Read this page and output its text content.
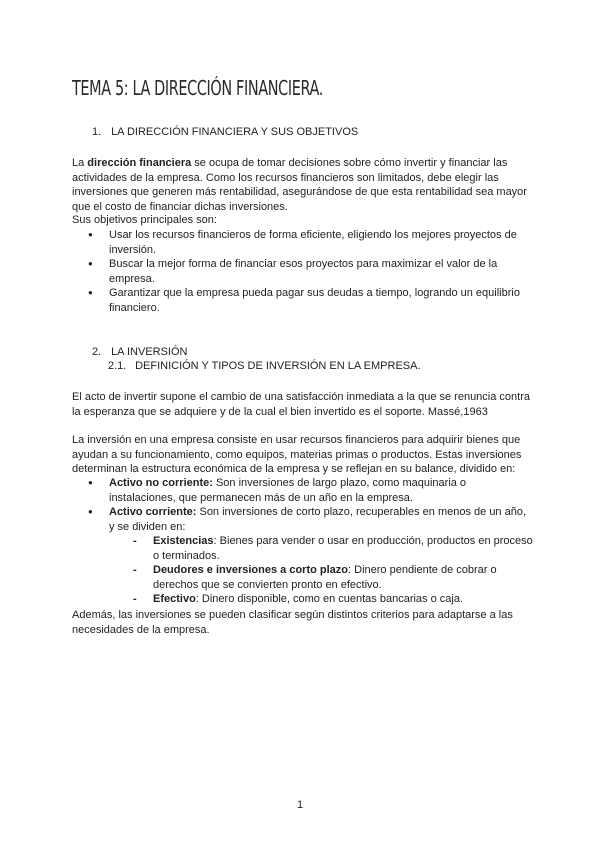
TEMA 5: LA DIRECCIÓN FINANCIERA.
1. LA DIRECCIÓN FINANCIERA Y SUS OBJETIVOS

La dirección financiera se ocupa de tomar decisiones sobre cómo invertir y financiar las actividades de la empresa. Como los recursos financieros son limitados, debe elegir las inversiones que generen más rentabilidad, asegurándose de que esta rentabilidad sea mayor que el costo de financiar dichas inversiones.

Sus objetivos principales son:

● Usar los recursos financieros de forma eficiente, eligiendo los mejores proyectos de inversión.
● Buscar la mejor forma de financiar esos proyectos para maximizar el valor de la empresa.
● Garantizar que la empresa pueda pagar sus deudas a tiempo, logrando un equilibrio financiero.
2. LA INVERSIÓN
2.1. DEFINICIÓN Y TIPOS DE INVERSIÓN EN LA EMPRESA.

El acto de invertir supone el cambio de una satisfacción inmediata a la que se renuncia contra la esperanza que se adquiere y de la cual el bien invertido es el soporte. Massé,1963

La inversión en una empresa consiste en usar recursos financieros para adquirir bienes que ayudan a su funcionamiento, como equipos, materias primas o productos. Estas inversiones determinan la estructura económica de la empresa y se reflejan en su balance, dividido en:

● Activo no corriente: Son inversiones de largo plazo, como maquinaria o instalaciones, que permanecen más de un año en la empresa.
● Activo corriente: Son inversiones de corto plazo, recuperables en menos de un año, y se dividen en:
- Existencias: Bienes para vender o usar en producción, productos en proceso o terminados.
- Deudores e inversiones a corto plazo: Dinero pendiente de cobrar o derechos que se convierten pronto en efectivo.
- Efectivo: Dinero disponible, como en cuentas bancarias o caja.

Además, las inversiones se pueden clasificar según distintos criterios para adaptarse a las necesidades de la empresa.

1
